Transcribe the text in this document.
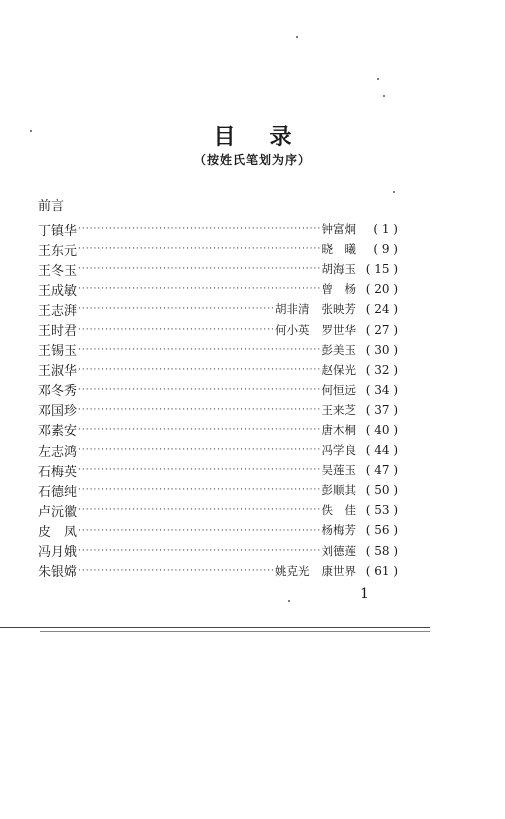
目录
（按姓氏笔划为序）
前言
丁镇华 ·····	钟富炯	( 1 )
王东元 ·····	晓　曦	( 9 )
王冬玉 ·····	胡海玉 ( 15 )
王成敏 ·····	曾　杨 ( 20 )
王志湃 ·····	胡非清 张映芳 ( 24 )
王时君 ·····	何小英 罗世华 ( 27 )
王锡玉 ·····	彭美玉 ( 30 )
王淑华 ·····	赵保光 ( 32 )
邓冬秀 ·····	何恒远 ( 34 )
邓国珍 ·····	王来芝 ( 37 )
邓素安 ·····	唐木桐 ( 40 )
左志鸿 ·····	冯学良 ( 44 )
石梅英 ·····	吴莲玉 ( 47 )
石德纯 ·····	彭顺其 ( 50 )
卢沅徽 ·····	佚　佳 ( 53 )
皮　凤 ·····	杨梅芳 ( 56 )
冯月娥 ·····	刘德莲 ( 58 )
朱银嫦 ·····	姚克光 康世界 ( 61 )
1
